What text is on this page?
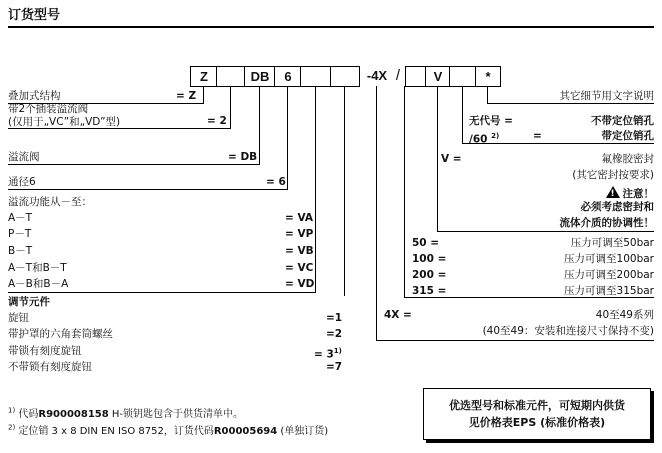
订货型号
Z	DB	6	-4X /	V	*
叠加式结构	= Z
带2个插装溢流阀
(仅用于„VC”和„VD”型)	= 2
溢流阀	= DB
通径6	= 6
溢流功能从－至：
A－T	= VA
P－T	= VP
B－T	= VB
A－T和B－T	= VC
A－B和B－A	= VD
调节元件
旋钮	=1
带护罩的六角套筒螺丝	=2
带锁有刻度旋钮	= $3^{1)}$
不带锁有刻度旋钮	=7
其它细节用文字说明
无代号 =	不带定位销孔
/60 $^{2)}$	=	带定位销孔
V =	氟橡胶密封
(其它密封按要求)
!注意！
必须考虑密封和
流体介质的协调性！
50 =	压力可调至50bar
100 =	压力可调至100bar
200 =	压力可调至200bar
315 =	压力可调至315bar
4X =	40至49系列
(40至49：安装和连接尺寸保持不变)
$^{1)}$ 代码R900008158 H-锁钥匙包含于供货清单中。
$^{2)}$ 定位销 3 x 8 DIN EN ISO 8752，订货代码R00005694 (单独订货)
优选型号和标准元件，可短期内供货
见价格表EPS (标准价格表)
